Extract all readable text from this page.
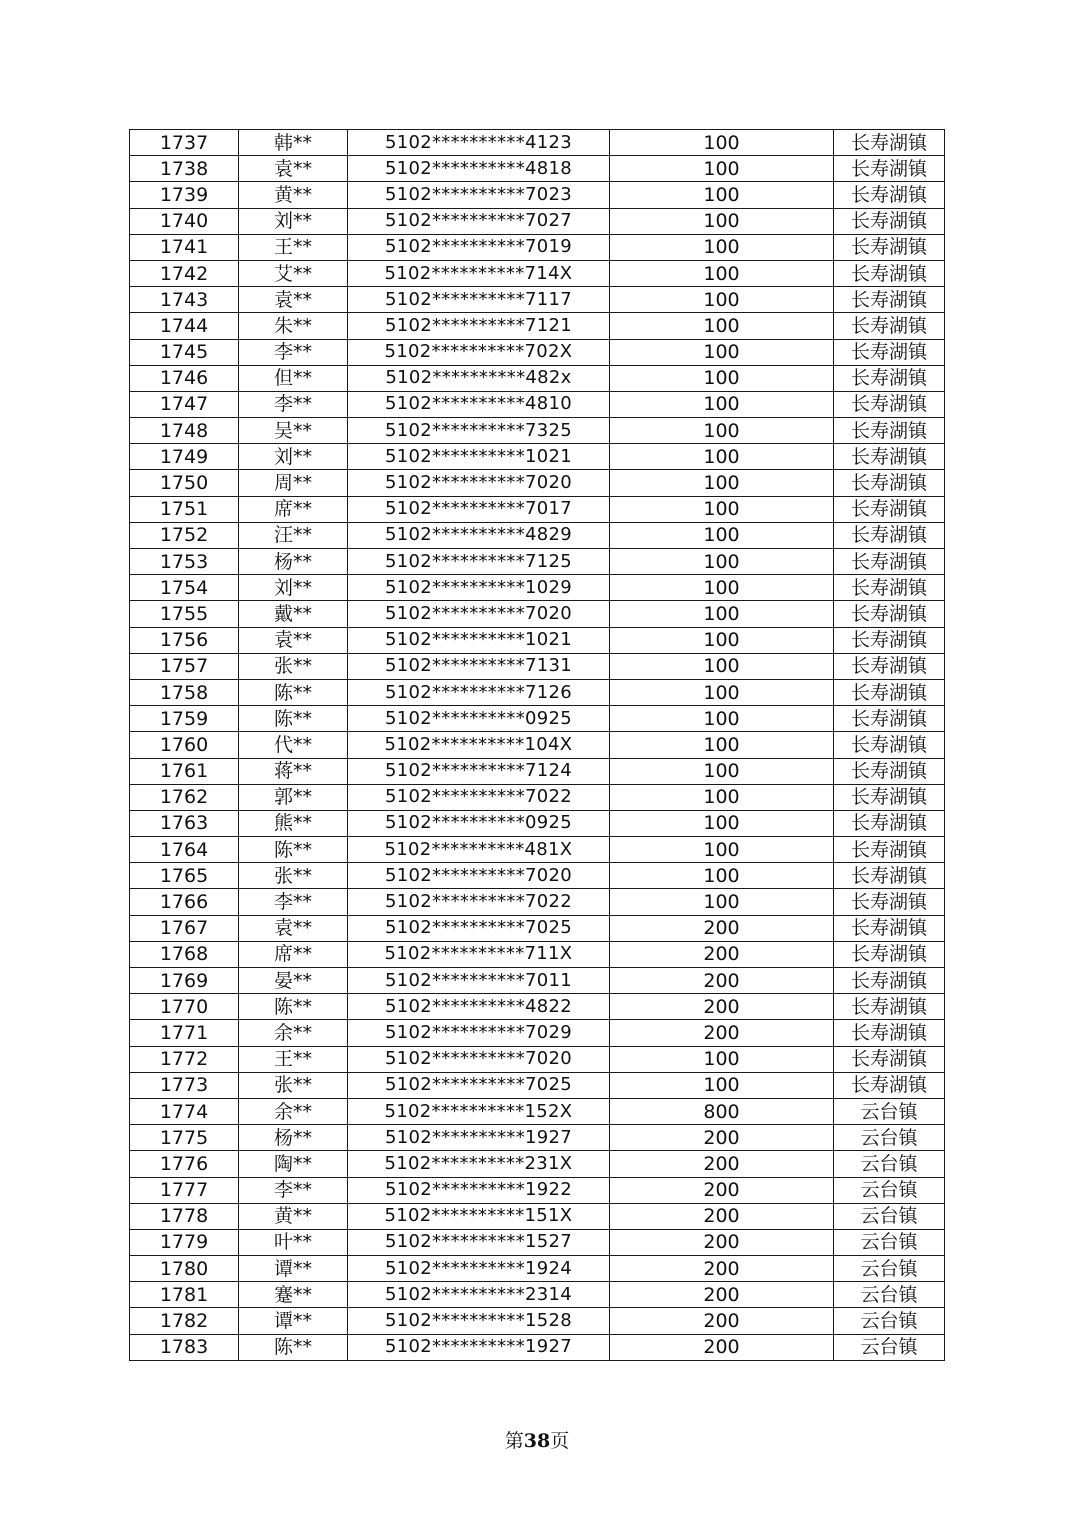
1737	韩**	5102**********4123	100	长寿湖镇
1738	袁**	5102**********4818	100	长寿湖镇
1739	黄**	5102**********7023	100	长寿湖镇
1740	刘**	5102**********7027	100	长寿湖镇
1741	王**	5102**********7019	100	长寿湖镇
1742	艾**	5102**********714X	100	长寿湖镇
1743	袁**	5102**********7117	100	长寿湖镇
1744	朱**	5102**********7121	100	长寿湖镇
1745	李**	5102**********702X	100	长寿湖镇
1746	但**	5102**********482x	100	长寿湖镇
1747	李**	5102**********4810	100	长寿湖镇
1748	吴**	5102**********7325	100	长寿湖镇
1749	刘**	5102**********1021	100	长寿湖镇
1750	周**	5102**********7020	100	长寿湖镇
1751	席**	5102**********7017	100	长寿湖镇
1752	汪**	5102**********4829	100	长寿湖镇
1753	杨**	5102**********7125	100	长寿湖镇
1754	刘**	5102**********1029	100	长寿湖镇
1755	戴**	5102**********7020	100	长寿湖镇
1756	袁**	5102**********1021	100	长寿湖镇
1757	张**	5102**********7131	100	长寿湖镇
1758	陈**	5102**********7126	100	长寿湖镇
1759	陈**	5102**********0925	100	长寿湖镇
1760	代**	5102**********104X	100	长寿湖镇
1761	蒋**	5102**********7124	100	长寿湖镇
1762	郭**	5102**********7022	100	长寿湖镇
1763	熊**	5102**********0925	100	长寿湖镇
1764	陈**	5102**********481X	100	长寿湖镇
1765	张**	5102**********7020	100	长寿湖镇
1766	李**	5102**********7022	100	长寿湖镇
1767	袁**	5102**********7025	200	长寿湖镇
1768	席**	5102**********711X	200	长寿湖镇
1769	晏**	5102**********7011	200	长寿湖镇
1770	陈**	5102**********4822	200	长寿湖镇
1771	余**	5102**********7029	200	长寿湖镇
1772	王**	5102**********7020	100	长寿湖镇
1773	张**	5102**********7025	100	长寿湖镇
1774	余**	5102**********152X	800	云台镇
1775	杨**	5102**********1927	200	云台镇
1776	陶**	5102**********231X	200	云台镇
1777	李**	5102**********1922	200	云台镇
1778	黄**	5102**********151X	200	云台镇
1779	叶**	5102**********1527	200	云台镇
1780	谭**	5102**********1924	200	云台镇
1781	蹇**	5102**********2314	200	云台镇
1782	谭**	5102**********1528	200	云台镇
1783	陈**	5102**********1927	200	云台镇
第38页
